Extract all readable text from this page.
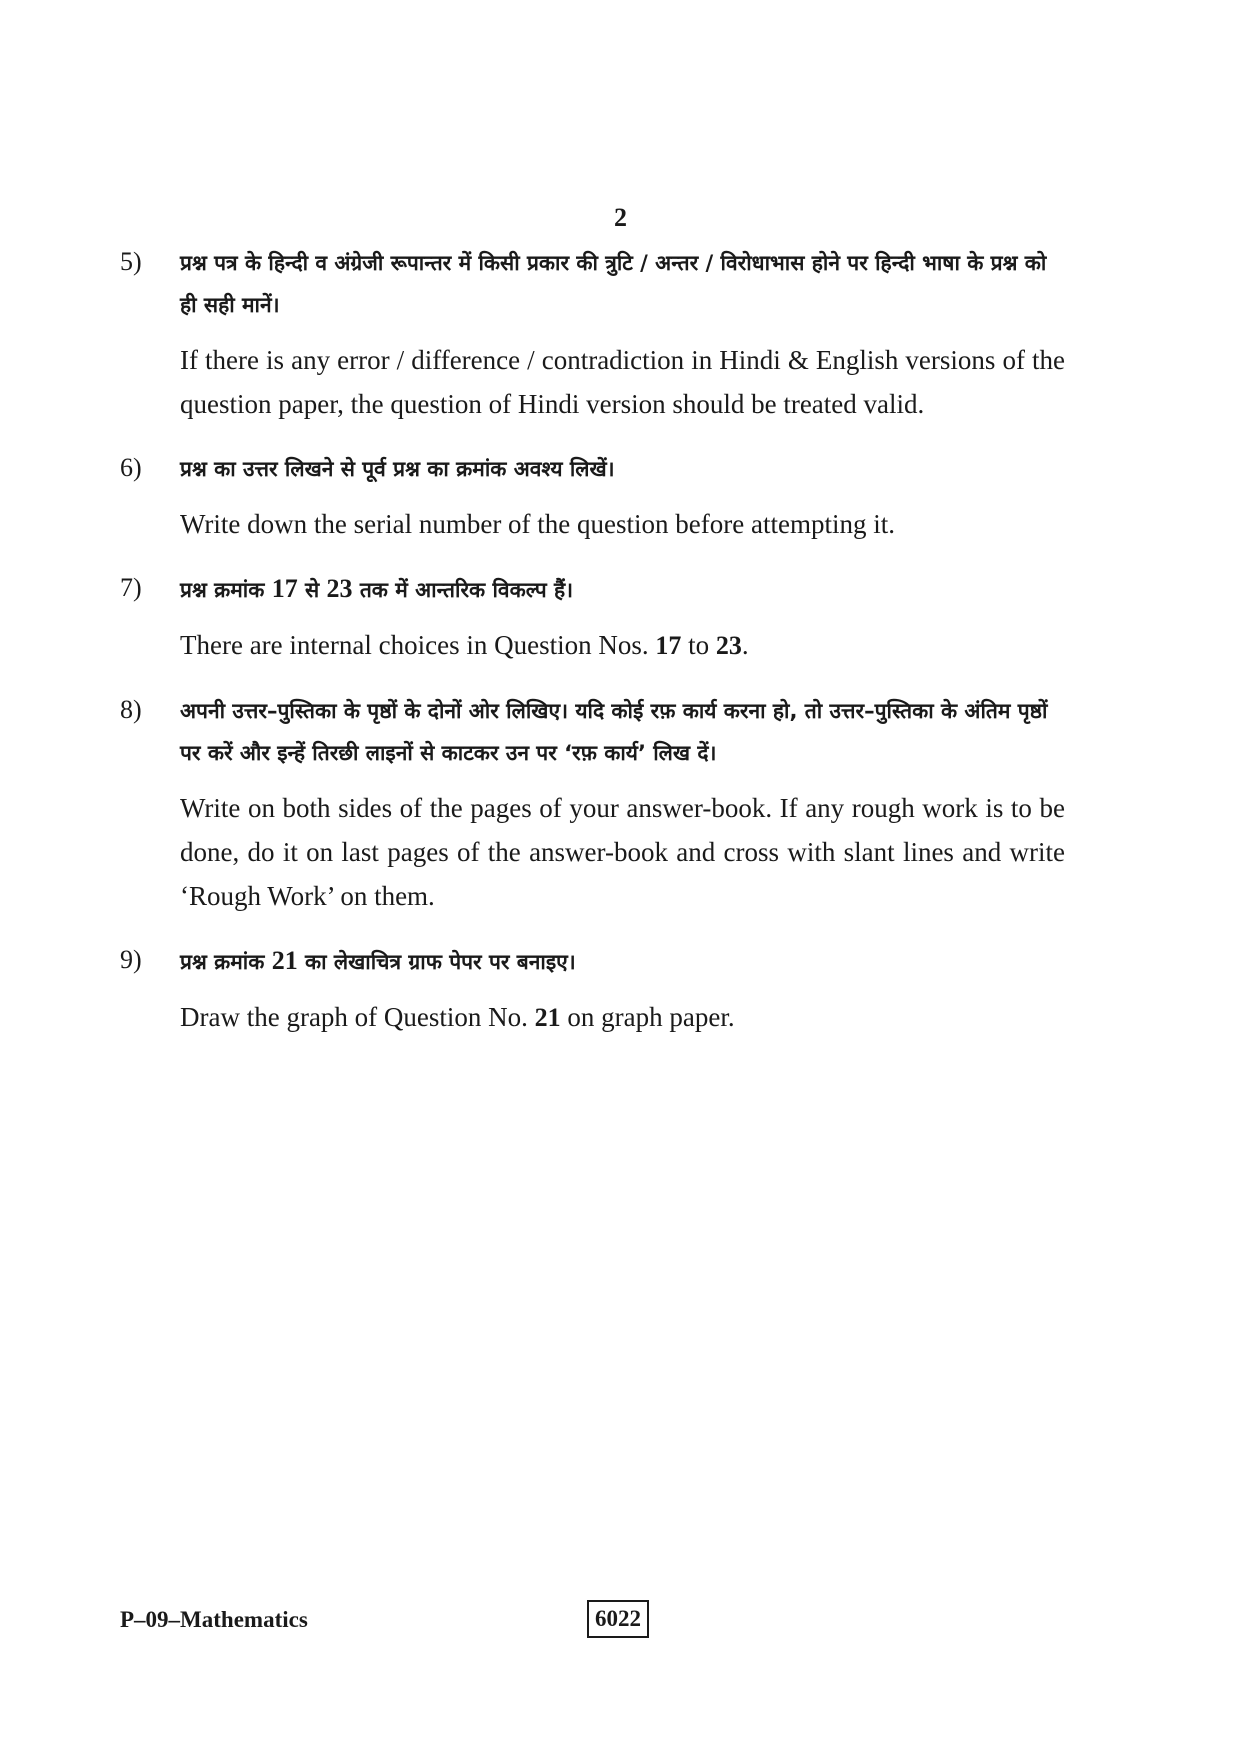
2
5) प्रश्न पत्र के हिन्दी व अंग्रेजी रूपान्तर में किसी प्रकार की त्रुटि / अन्तर / विरोधाभास होने पर हिन्दी भाषा के प्रश्न को ही सही मानें।

If there is any error / difference / contradiction in Hindi & English versions of the question paper, the question of Hindi version should be treated valid.

6) प्रश्न का उत्तर लिखने से पूर्व प्रश्न का क्रमांक अवश्य लिखें।

Write down the serial number of the question before attempting it.

7) प्रश्न क्रमांक 17 से 23 तक में आन्तरिक विकल्प हैं।

There are internal choices in Question Nos. 17 to 23.

8) अपनी उत्तर–पुस्तिका के पृष्ठों के दोनों ओर लिखिए। यदि कोई रफ़ कार्य करना हो, तो उत्तर–पुस्तिका के अंतिम पृष्ठों पर करें और इन्हें तिरछी लाइनों से काटकर उन पर ‘रफ़ कार्य’ लिख दें।

Write on both sides of the pages of your answer-book. If any rough work is to be done, do it on last pages of the answer-book and cross with slant lines and write ‘Rough Work’ on them.

9) प्रश्न क्रमांक 21 का लेखाचित्र ग्राफ पेपर पर बनाइए।

Draw the graph of Question No. 21 on graph paper.

P–09–Mathematics	6022
